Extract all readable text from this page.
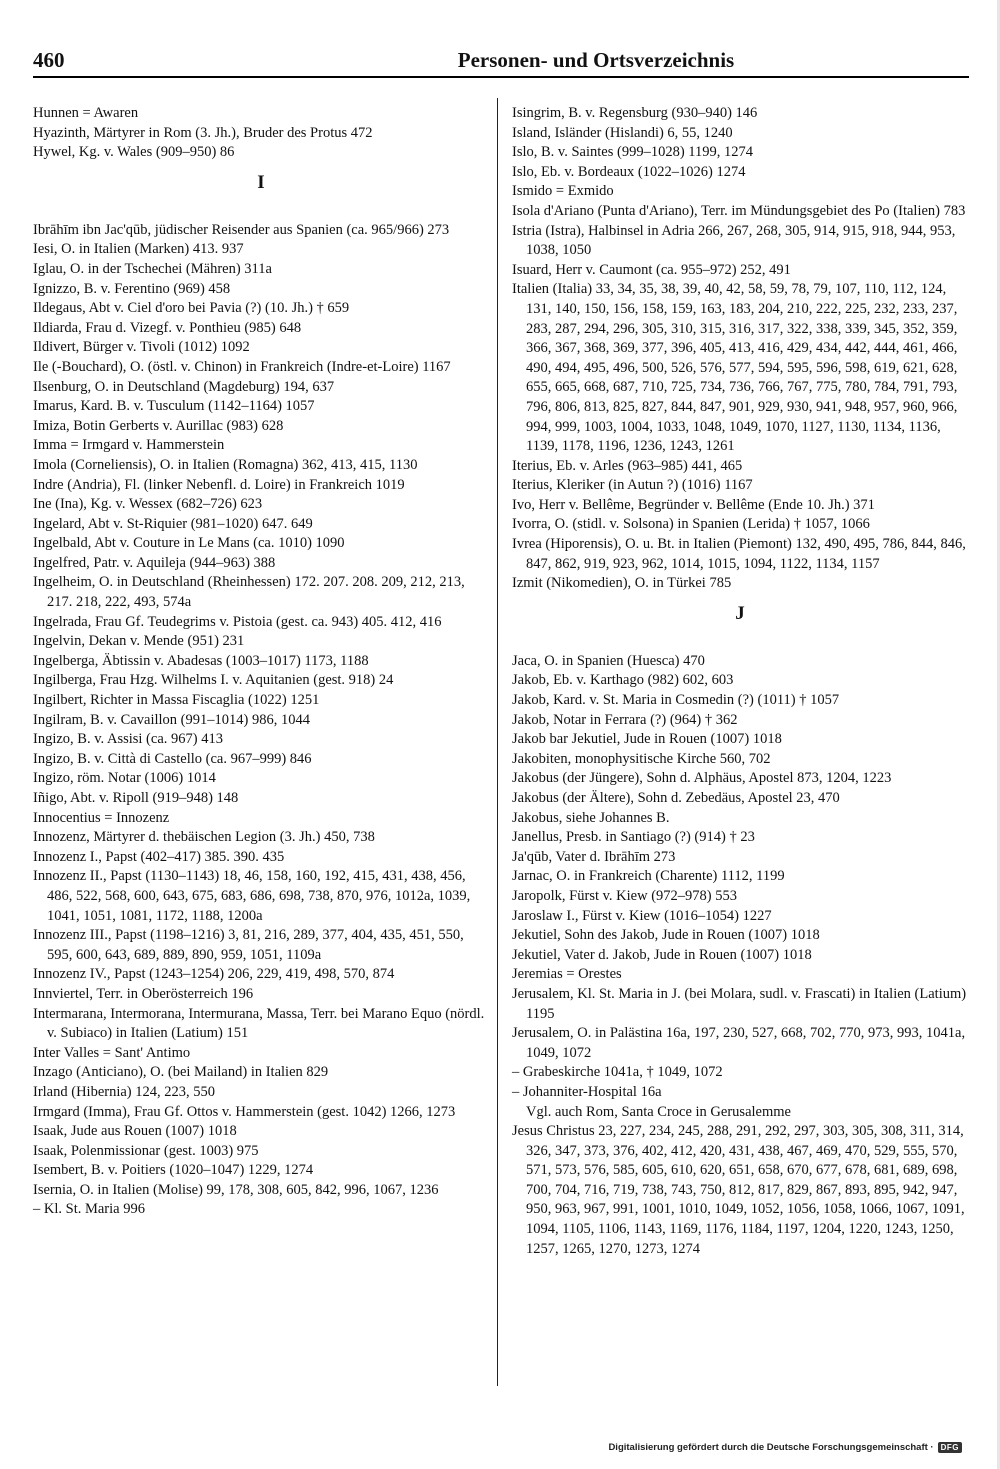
460	Personen- und Ortsverzeichnis
Hunnen = Awaren
Hyazinth, Märtyrer in Rom (3. Jh.), Bruder des Protus 472
Hywel, Kg. v. Wales (909–950) 86
I
Ibrāhīm ibn Jac'qūb, jüdischer Reisender aus Spanien (ca. 965/966) 273
Iesi, O. in Italien (Marken) 413. 937
Iglau, O. in der Tschechei (Mähren) 311a
Ignizzo, B. v. Ferentino (969) 458
Ildegaus, Abt v. Ciel d'oro bei Pavia (?) (10. Jh.) † 659
Ildiarda, Frau d. Vizegf. v. Ponthieu (985) 648
Ildivert, Bürger v. Tivoli (1012) 1092
Ile (-Bouchard), O. (östl. v. Chinon) in Frankreich (Indre-et-Loire) 1167
Ilsenburg, O. in Deutschland (Magdeburg) 194, 637
Imarus, Kard. B. v. Tusculum (1142–1164) 1057
Imiza, Botin Gerberts v. Aurillac (983) 628
Imma = Irmgard v. Hammerstein
Imola (Corneliensis), O. in Italien (Romagna) 362, 413, 415, 1130
Indre (Andria), Fl. (linker Nebenfl. d. Loire) in Frankreich 1019
Ine (Ina), Kg. v. Wessex (682–726) 623
Ingelard, Abt v. St-Riquier (981–1020) 647. 649
Ingelbald, Abt v. Couture in Le Mans (ca. 1010) 1090
Ingelfred, Patr. v. Aquileja (944–963) 388
Ingelheim, O. in Deutschland (Rheinhessen) 172. 207. 208. 209, 212, 213, 217. 218, 222, 493, 574a
Ingelrada, Frau Gf. Teudegrims v. Pistoia (gest. ca. 943) 405. 412, 416
Ingelvin, Dekan v. Mende (951) 231
Ingelberga, Äbtissin v. Abadesas (1003–1017) 1173, 1188
Ingilberga, Frau Hzg. Wilhelms I. v. Aquitanien (gest. 918) 24
Ingilbert, Richter in Massa Fiscaglia (1022) 1251
Ingilram, B. v. Cavaillon (991–1014) 986, 1044
Ingizo, B. v. Assisi (ca. 967) 413
Ingizo, B. v. Città di Castello (ca. 967–999) 846
Ingizo, röm. Notar (1006) 1014
Iñigo, Abt. v. Ripoll (919–948) 148
Innocentius = Innozenz
Innozenz, Märtyrer d. thebäischen Legion (3. Jh.) 450, 738
Innozenz I., Papst (402–417) 385. 390. 435
Innozenz II., Papst (1130–1143) 18, 46, 158, 160, 192, 415, 431, 438, 456, 486, 522, 568, 600, 643, 675, 683, 686, 698, 738, 870, 976, 1012a, 1039, 1041, 1051, 1081, 1172, 1188, 1200a
Innozenz III., Papst (1198–1216) 3, 81, 216, 289, 377, 404, 435, 451, 550, 595, 600, 643, 689, 889, 890, 959, 1051, 1109a
Innozenz IV., Papst (1243–1254) 206, 229, 419, 498, 570, 874
Innviertel, Terr. in Oberösterreich 196
Intermarana, Intermorana, Intermurana, Massa, Terr. bei Marano Equo (nördl. v. Subiaco) in Italien (Latium) 151
Inter Valles = Sant' Antimo
Inzago (Anticiano), O. (bei Mailand) in Italien 829
Irland (Hibernia) 124, 223, 550
Irmgard (Imma), Frau Gf. Ottos v. Hammerstein (gest. 1042) 1266, 1273
Isaak, Jude aus Rouen (1007) 1018
Isaak, Polenmissionar (gest. 1003) 975
Isembert, B. v. Poitiers (1020–1047) 1229, 1274
Isernia, O. in Italien (Molise) 99, 178, 308, 605, 842, 996, 1067, 1236
– Kl. St. Maria 996
Isingrim, B. v. Regensburg (930–940) 146
Island, Isländer (Hislandi) 6, 55, 1240
Islo, B. v. Saintes (999–1028) 1199, 1274
Islo, Eb. v. Bordeaux (1022–1026) 1274
Ismido = Exmido
Isola d'Ariano (Punta d'Ariano), Terr. im Mündungsgebiet des Po (Italien) 783
Istria (Istra), Halbinsel in Adria 266, 267, 268, 305, 914, 915, 918, 944, 953, 1038, 1050
Isuard, Herr v. Caumont (ca. 955–972) 252, 491
Italien (Italia) 33, 34, 35, 38, 39, 40, 42, 58, 59, 78, 79, 107, 110, 112, 124, 131, 140, 150, 156, 158, 159, 163, 183, 204, 210, 222, 225, 232, 233, 237, 283, 287, 294, 296, 305, 310, 315, 316, 317, 322, 338, 339, 345, 352, 359, 366, 367, 368, 369, 377, 396, 405, 413, 416, 429, 434, 442, 444, 461, 466, 490, 494, 495, 496, 500, 526, 576, 577, 594, 595, 596, 598, 619, 621, 628, 655, 665, 668, 687, 710, 725, 734, 736, 766, 767, 775, 780, 784, 791, 793, 796, 806, 813, 825, 827, 844, 847, 901, 929, 930, 941, 948, 957, 960, 966, 994, 999, 1003, 1004, 1033, 1048, 1049, 1070, 1127, 1130, 1134, 1136, 1139, 1178, 1196, 1236, 1243, 1261
Iterius, Eb. v. Arles (963–985) 441, 465
Iterius, Kleriker (in Autun ?) (1016) 1167
Ivo, Herr v. Bellême, Begründer v. Bellême (Ende 10. Jh.) 371
Ivorra, O. (stidl. v. Solsona) in Spanien (Lerida) † 1057, 1066
Ivrea (Hiporensis), O. u. Bt. in Italien (Piemont) 132, 490, 495, 786, 844, 846, 847, 862, 919, 923, 962, 1014, 1015, 1094, 1122, 1134, 1157
Izmit (Nikomedien), O. in Türkei 785
J
Jaca, O. in Spanien (Huesca) 470
Jakob, Eb. v. Karthago (982) 602, 603
Jakob, Kard. v. St. Maria in Cosmedin (?) (1011) † 1057
Jakob, Notar in Ferrara (?) (964) † 362
Jakob bar Jekutiel, Jude in Rouen (1007) 1018
Jakobiten, monophysitische Kirche 560, 702
Jakobus (der Jüngere), Sohn d. Alphäus, Apostel 873, 1204, 1223
Jakobus (der Ältere), Sohn d. Zebedäus, Apostel 23, 470
Jakobus, siehe Johannes B.
Janellus, Presb. in Santiago (?) (914) † 23
Ja'qūb, Vater d. Ibrāhīm 273
Jarnac, O. in Frankreich (Charente) 1112, 1199
Jaropolk, Fürst v. Kiew (972–978) 553
Jaroslaw I., Fürst v. Kiew (1016–1054) 1227
Jekutiel, Sohn des Jakob, Jude in Rouen (1007) 1018
Jekutiel, Vater d. Jakob, Jude in Rouen (1007) 1018
Jeremias = Orestes
Jerusalem, Kl. St. Maria in J. (bei Molara, sudl. v. Frascati) in Italien (Latium) 1195
Jerusalem, O. in Palästina 16a, 197, 230, 527, 668, 702, 770, 973, 993, 1041a, 1049, 1072
– Grabeskirche 1041a, † 1049, 1072
– Johanniter-Hospital 16a
Vgl. auch Rom, Santa Croce in Gerusalemme
Jesus Christus 23, 227, 234, 245, 288, 291, 292, 297, 303, 305, 308, 311, 314, 326, 347, 373, 376, 402, 412, 420, 431, 438, 467, 469, 470, 529, 555, 570, 571, 573, 576, 585, 605, 610, 620, 651, 658, 670, 677, 678, 681, 689, 698, 700, 704, 716, 719, 738, 743, 750, 812, 817, 829, 867, 893, 895, 942, 947, 950, 963, 967, 991, 1001, 1010, 1049, 1052, 1056, 1058, 1066, 1067, 1091, 1094, 1105, 1106, 1143, 1169, 1176, 1184, 1197, 1204, 1220, 1243, 1250, 1257, 1265, 1270, 1273, 1274
Digitalisierung gefördert durch die Deutsche Forschungsgemeinschaft · DFG
